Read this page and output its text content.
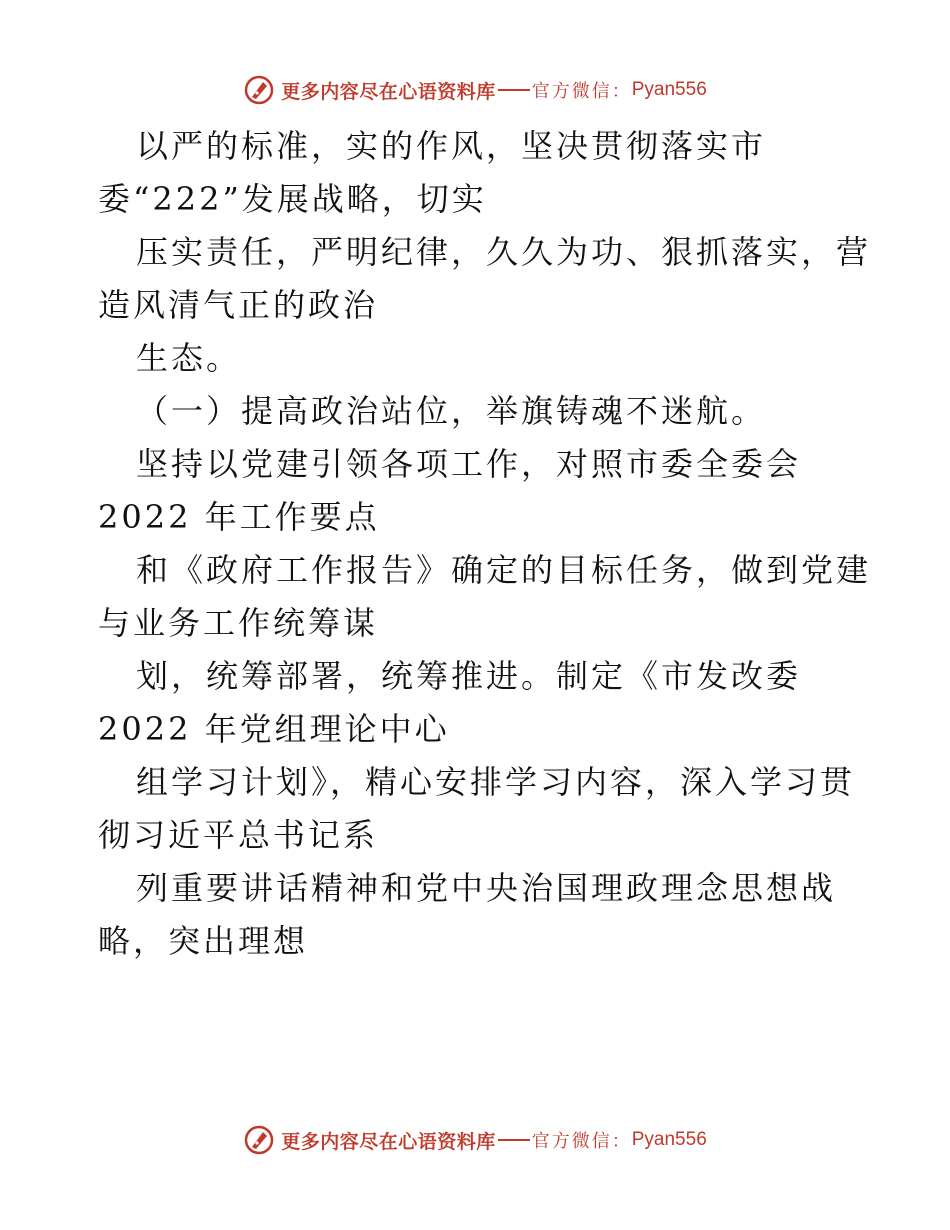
更多内容尽在心语资料库 官方微信： Pyan556
以严的标准，实的作风，坚决贯彻落实市
委“222”发展战略，切实
压实责任，严明纪律，久久为功、狠抓落实，营
造风清气正的政治
生态。
（一）提高政治站位，举旗铸魂不迷航。
坚持以党建引领各项工作，对照市委全委会
2022 年工作要点
和《政府工作报告》确定的目标任务，做到党建
与业务工作统筹谋
划，统筹部署，统筹推进。制定《市发改委
2022 年党组理论中心
组学习计划》，精心安排学习内容，深入学习贯
彻习近平总书记系
列重要讲话精神和党中央治国理政理念思想战
略，突出理想
更多内容尽在心语资料库 官方微信： Pyan556
